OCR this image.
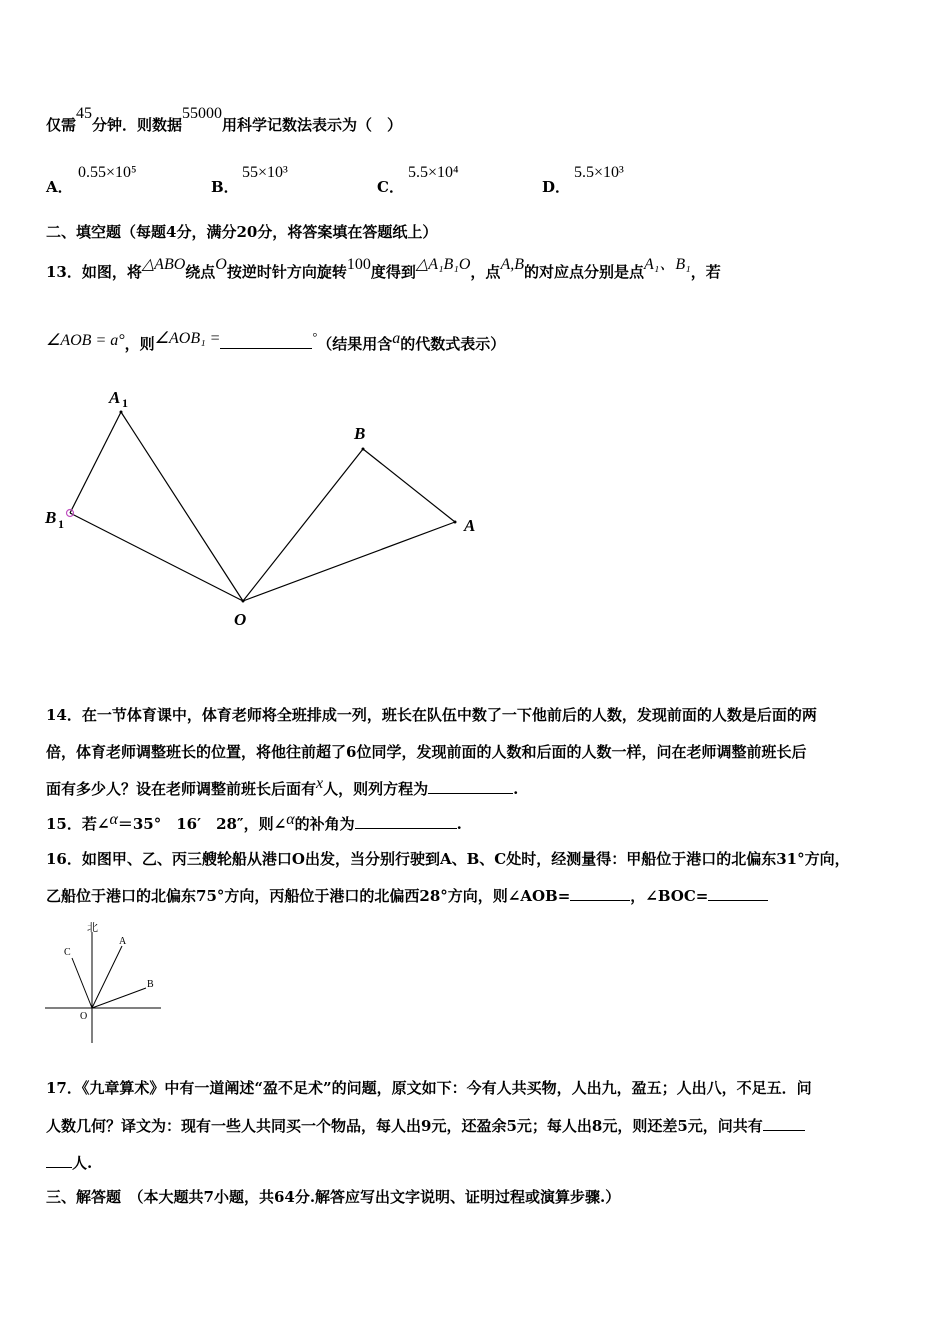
仅需45分钟．则数据55000用科学记数法表示为（　）
A．
0.55×10⁵
B．
55×10³
C．
5.5×10⁴
D．
5.5×10³
二、填空题（每题4分，满分20分，将答案填在答题纸上）
13．如图，将△ABO绕点O按逆时针方向旋转100度得到△A₁B₁O，点A,B的对应点分别是点A₁、B₁，若
∠AOB = a°，则∠AOB₁ =	°（结果用含a的代数式表示）
A 1
B 1
B
A
O
14．在一节体育课中，体育老师将全班排成一列，班长在队伍中数了一下他前后的人数，发现前面的人数是后面的两
倍，体育老师调整班长的位置，将他往前超了6位同学，发现前面的人数和后面的人数一样，问在老师调整前班长后
面有多少人？设在老师调整前班长后面有x人，则列方程为	.
15．若∠α＝35°　16′　28″，则∠α的补角为	.
16．如图甲、乙、丙三艘轮船从港口O出发，当分别行驶到A、B、C处时，经测量得：甲船位于港口的北偏东31°方向，
乙船位于港口的北偏东75°方向，丙船位于港口的北偏西28°方向，则∠AOB=	，∠BOC=
北
A
B
C
O
17．《九章算术》中有一道阐述“盈不足术”的问题，原文如下：今有人共买物，人出九，盈五；人出八，不足五．问
人数几何？译文为：现有一些人共同买一个物品，每人出9元，还盈余5元；每人出8元，则还差5元，问共有
人.
三、解答题　（本大题共7小题，共64分.解答应写出文字说明、证明过程或演算步骤.）
